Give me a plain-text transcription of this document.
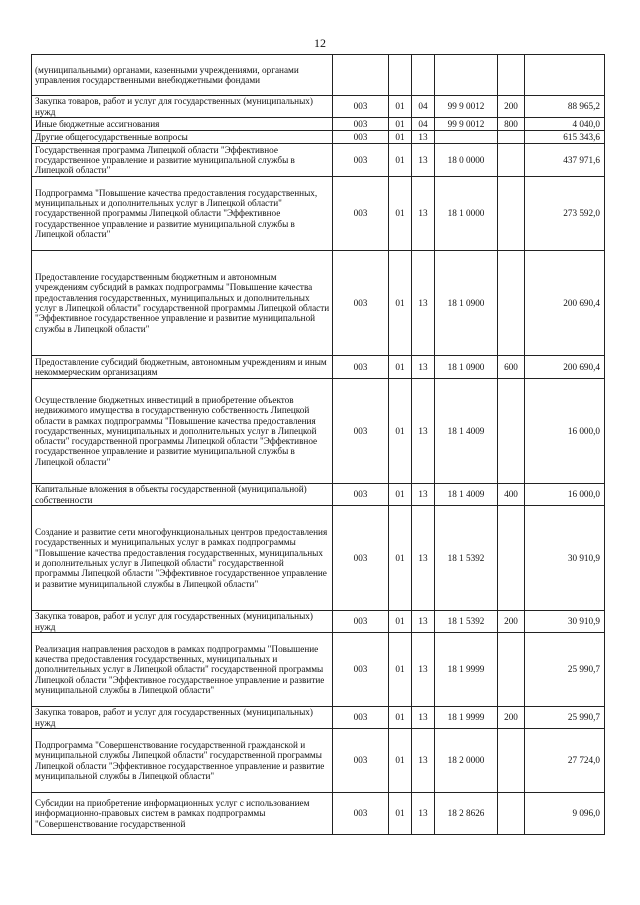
12
(муниципальными) органами, казенными учреждениями, органами управления государственными внебюджетными фондами						
Закупка товаров, работ и услуг для государственных (муниципальных) нужд	003	01	04	99 9 0012	200	88 965,2
Иные бюджетные ассигнования	003	01	04	99 9 0012	800	4 040,0
Другие общегосударственные вопросы	003	01	13			615 343,6
Государственная программа Липецкой области "Эффективное государственное управление и развитие муниципальной службы в Липецкой области"	003	01	13	18 0 0000		437 971,6
Подпрограмма "Повышение качества предоставления государственных, муниципальных и дополнительных услуг в Липецкой области" государственной программы Липецкой области "Эффективное государственное управление и развитие муниципальной службы в Липецкой области"	003	01	13	18 1 0000		273 592,0
Предоставление государственным бюджетным и автономным учреждениям субсидий в рамках подпрограммы "Повышение качества предоставления государственных, муниципальных и дополнительных услуг в Липецкой области" государственной программы Липецкой области "Эффективное государственное управление и развитие муниципальной службы в Липецкой области"	003	01	13	18 1 0900		200 690,4
Предоставление субсидий бюджетным, автономным учреждениям и иным некоммерческим организациям	003	01	13	18 1 0900	600	200 690,4
Осуществление бюджетных инвестиций в приобретение объектов недвижимого имущества в государственную собственность Липецкой области в рамках подпрограммы "Повышение качества предоставления государственных, муниципальных и дополнительных услуг в Липецкой области" государственной программы Липецкой области "Эффективное государственное управление и развитие муниципальной службы в Липецкой области"	003	01	13	18 1 4009		16 000,0
Капитальные вложения в объекты государственной (муниципальной) собственности	003	01	13	18 1 4009	400	16 000,0
Создание и развитие сети многофункциональных центров предоставления государственных и муниципальных услуг в рамках подпрограммы "Повышение качества предоставления государственных, муниципальных и дополнительных услуг в Липецкой области" государственной программы Липецкой области "Эффективное государственное управление и развитие муниципальной службы в Липецкой области"	003	01	13	18 1 5392		30 910,9
Закупка товаров, работ и услуг для государственных (муниципальных) нужд	003	01	13	18 1 5392	200	30 910,9
Реализация направления расходов в рамках подпрограммы "Повышение качества предоставления государственных, муниципальных и дополнительных услуг в Липецкой области" государственной программы Липецкой области "Эффективное государственное управление и развитие муниципальной службы в Липецкой области"	003	01	13	18 1 9999		25 990,7
Закупка товаров, работ и услуг для государственных (муниципальных) нужд	003	01	13	18 1 9999	200	25 990,7
Подпрограмма "Совершенствование государственной гражданской и муниципальной службы Липецкой области" государственной программы Липецкой области "Эффективное государственное управление и развитие муниципальной службы в Липецкой области"	003	01	13	18 2 0000		27 724,0
Субсидии на приобретение информационных услуг с использованием информационно-правовых систем в рамках подпрограммы "Совершенствование государственной	003	01	13	18 2 8626		9 096,0
